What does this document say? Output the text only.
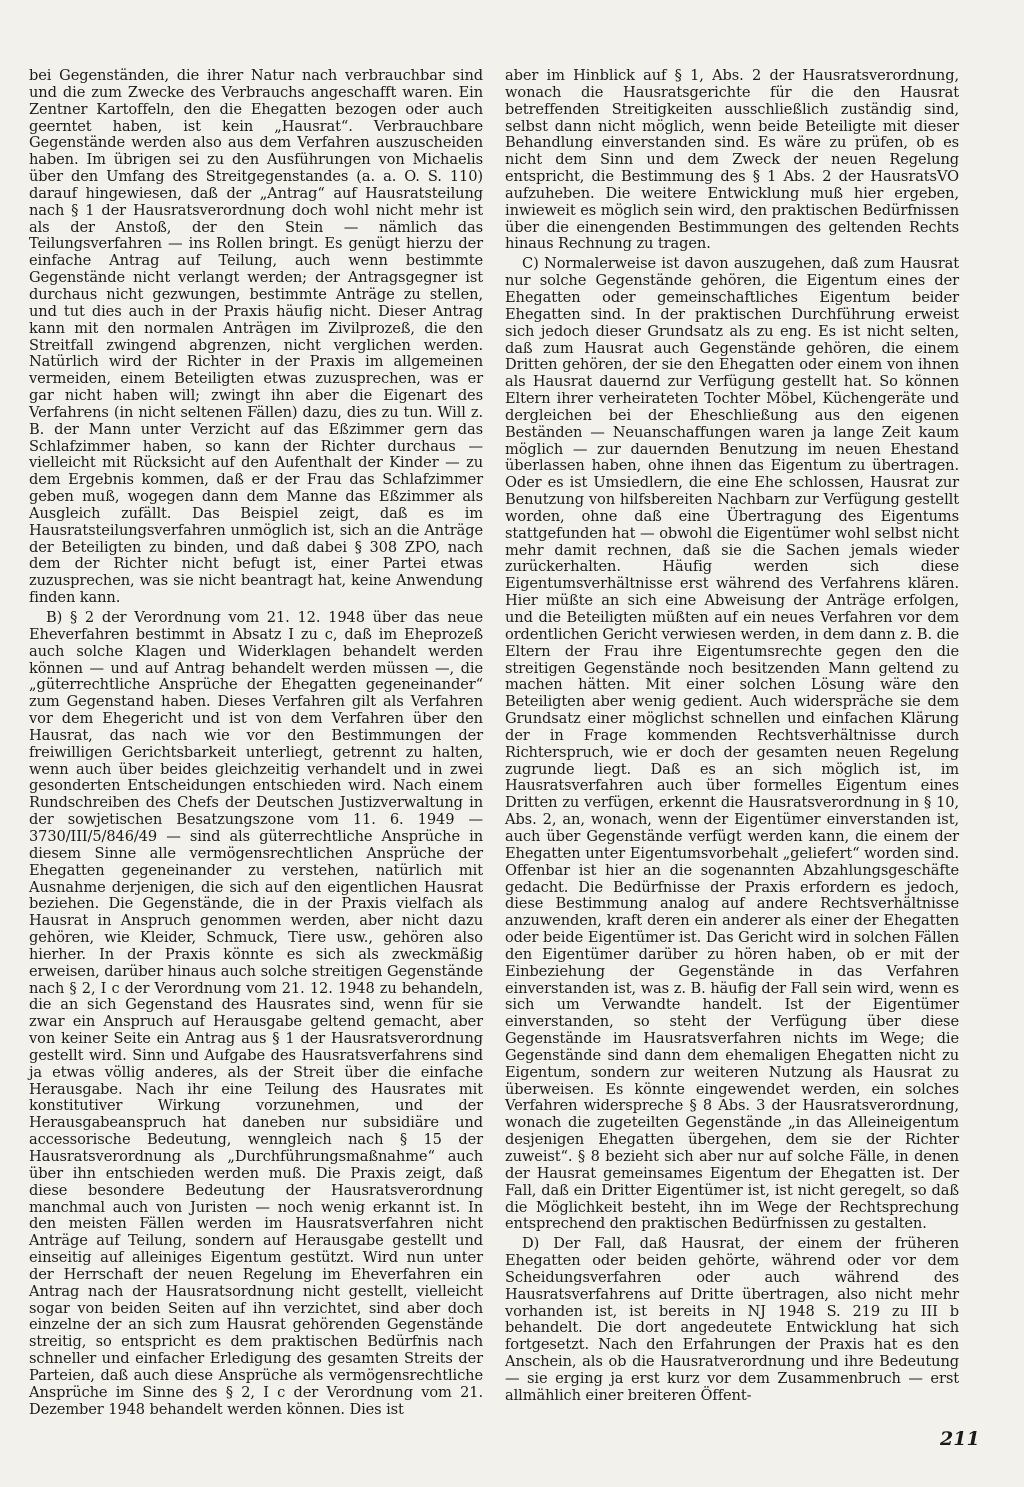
bei Gegenständen, die ihrer Natur nach verbrauchbar sind und die zum Zwecke des Verbrauchs angeschafft waren. Ein Zentner Kartoffeln, den die Ehegatten bezogen oder auch geerntet haben, ist kein „Hausrat“. Verbrauchbare Gegenstände werden also aus dem Verfahren auszuscheiden haben. Im übrigen sei zu den Ausführungen von Michaelis über den Umfang des Streitgegenstandes (a. a. O. S. 110) darauf hingewiesen, daß der „Antrag“ auf Hausratsteilung nach § 1 der Hausratsverordnung doch wohl nicht mehr ist als der Anstoß, der den Stein — nämlich das Teilungsverfahren — ins Rollen bringt. Es genügt hierzu der einfache Antrag auf Teilung, auch wenn bestimmte Gegenstände nicht verlangt werden; der Antragsgegner ist durchaus nicht gezwungen, bestimmte Anträge zu stellen, und tut dies auch in der Praxis häufig nicht. Dieser Antrag kann mit den normalen Anträgen im Zivilprozeß, die den Streitfall zwingend abgrenzen, nicht verglichen werden. Natürlich wird der Richter in der Praxis im allgemeinen vermeiden, einem Beteiligten etwas zuzusprechen, was er gar nicht haben will; zwingt ihn aber die Eigenart des Verfahrens (in nicht seltenen Fällen) dazu, dies zu tun. Will z. B. der Mann unter Verzicht auf das Eßzimmer gern das Schlafzimmer haben, so kann der Richter durchaus — vielleicht mit Rücksicht auf den Aufenthalt der Kinder — zu dem Ergebnis kommen, daß er der Frau das Schlafzimmer geben muß, wogegen dann dem Manne das Eßzimmer als Ausgleich zufällt. Das Beispiel zeigt, daß es im Hausratsteilungsverfahren unmöglich ist, sich an die Anträge der Beteiligten zu binden, und daß dabei § 308 ZPO, nach dem der Richter nicht befugt ist, einer Partei etwas zuzusprechen, was sie nicht beantragt hat, keine Anwendung finden kann.

B) § 2 der Verordnung vom 21. 12. 1948 über das neue Eheverfahren bestimmt in Absatz I zu c, daß im Eheprozeß auch solche Klagen und Widerklagen behandelt werden können — und auf Antrag behandelt werden müssen —, die „güterrechtliche Ansprüche der Ehegatten gegeneinander“ zum Gegenstand haben. Dieses Verfahren gilt als Verfahren vor dem Ehegericht und ist von dem Verfahren über den Hausrat, das nach wie vor den Bestimmungen der freiwilligen Gerichtsbarkeit unterliegt, getrennt zu halten, wenn auch über beides gleichzeitig verhandelt und in zwei gesonderten Entscheidungen entschieden wird. Nach einem Rundschreiben des Chefs der Deutschen Justizverwaltung in der sowjetischen Besatzungszone vom 11. 6. 1949 — 3730/III/5/846/49 — sind als güterrechtliche Ansprüche in diesem Sinne alle vermögensrechtlichen Ansprüche der Ehegatten gegeneinander zu verstehen, natürlich mit Ausnahme derjenigen, die sich auf den eigentlichen Hausrat beziehen. Die Gegenstände, die in der Praxis vielfach als Hausrat in Anspruch genommen werden, aber nicht dazu gehören, wie Kleider, Schmuck, Tiere usw., gehören also hierher. In der Praxis könnte es sich als zweckmäßig erweisen, darüber hinaus auch solche streitigen Gegenstände nach § 2, I c der Verordnung vom 21. 12. 1948 zu behandeln, die an sich Gegenstand des Hausrates sind, wenn für sie zwar ein Anspruch auf Herausgabe geltend gemacht, aber von keiner Seite ein Antrag aus § 1 der Hausratsverordnung gestellt wird. Sinn und Aufgabe des Hausratsverfahrens sind ja etwas völlig anderes, als der Streit über die einfache Herausgabe. Nach ihr eine Teilung des Hausrates mit konstitutiver Wirkung vorzunehmen, und der Herausgabeanspruch hat daneben nur subsidiäre und accessorische Bedeutung, wenngleich nach § 15 der Hausratsverordnung als „Durchführungsmaßnahme“ auch über ihn entschieden werden muß. Die Praxis zeigt, daß diese besondere Bedeutung der Hausratsverordnung manchmal auch von Juristen — noch wenig erkannt ist. In den meisten Fällen werden im Hausratsverfahren nicht Anträge auf Teilung, sondern auf Herausgabe gestellt und einseitig auf alleiniges Eigentum gestützt. Wird nun unter der Herrschaft der neuen Regelung im Eheverfahren ein Antrag nach der Hausratsordnung nicht gestellt, vielleicht sogar von beiden Seiten auf ihn verzichtet, sind aber doch einzelne der an sich zum Hausrat gehörenden Gegenstände streitig, so entspricht es dem praktischen Bedürfnis nach schneller und einfacher Erledigung des gesamten Streits der Parteien, daß auch diese Ansprüche als vermögensrechtliche Ansprüche im Sinne des § 2, I c der Verordnung vom 21. Dezember 1948 behandelt werden können. Dies ist

aber im Hinblick auf § 1, Abs. 2 der Hausratsverordnung, wonach die Hausratsgerichte für die den Hausrat betreffenden Streitigkeiten ausschließlich zuständig sind, selbst dann nicht möglich, wenn beide Beteiligte mit dieser Behandlung einverstanden sind. Es wäre zu prüfen, ob es nicht dem Sinn und dem Zweck der neuen Regelung entspricht, die Bestimmung des § 1 Abs. 2 der HausratsVO aufzuheben. Die weitere Entwicklung muß hier ergeben, inwieweit es möglich sein wird, den praktischen Bedürfnissen über die einengenden Bestimmungen des geltenden Rechts hinaus Rechnung zu tragen.

C) Normalerweise ist davon auszugehen, daß zum Hausrat nur solche Gegenstände gehören, die Eigentum eines der Ehegatten oder gemeinschaftliches Eigentum beider Ehegatten sind. In der praktischen Durchführung erweist sich jedoch dieser Grundsatz als zu eng. Es ist nicht selten, daß zum Hausrat auch Gegenstände gehören, die einem Dritten gehören, der sie den Ehegatten oder einem von ihnen als Hausrat dauernd zur Verfügung gestellt hat. So können Eltern ihrer verheirateten Tochter Möbel, Küchengeräte und dergleichen bei der Eheschließung aus den eigenen Beständen — Neuanschaffungen waren ja lange Zeit kaum möglich — zur dauernden Benutzung im neuen Ehestand überlassen haben, ohne ihnen das Eigentum zu übertragen. Oder es ist Umsiedlern, die eine Ehe schlossen, Hausrat zur Benutzung von hilfsbereiten Nachbarn zur Verfügung gestellt worden, ohne daß eine Übertragung des Eigentums stattgefunden hat — obwohl die Eigentümer wohl selbst nicht mehr damit rechnen, daß sie die Sachen jemals wieder zurückerhalten. Häufig werden sich diese Eigentumsverhältnisse erst während des Verfahrens klären. Hier müßte an sich eine Abweisung der Anträge erfolgen, und die Beteiligten müßten auf ein neues Verfahren vor dem ordentlichen Gericht verwiesen werden, in dem dann z. B. die Eltern der Frau ihre Eigentumsrechte gegen den die streitigen Gegenstände noch besitzenden Mann geltend zu machen hätten. Mit einer solchen Lösung wäre den Beteiligten aber wenig gedient. Auch widerspräche sie dem Grundsatz einer möglichst schnellen und einfachen Klärung der in Frage kommenden Rechtsverhältnisse durch Richterspruch, wie er doch der gesamten neuen Regelung zugrunde liegt. Daß es an sich möglich ist, im Hausratsverfahren auch über formelles Eigentum eines Dritten zu verfügen, erkennt die Hausratsverordnung in § 10, Abs. 2, an, wonach, wenn der Eigentümer einverstanden ist, auch über Gegenstände verfügt werden kann, die einem der Ehegatten unter Eigentumsvorbehalt „geliefert“ worden sind. Offenbar ist hier an die sogenannten Abzahlungsgeschäfte gedacht. Die Bedürfnisse der Praxis erfordern es jedoch, diese Bestimmung analog auf andere Rechtsverhältnisse anzuwenden, kraft deren ein anderer als einer der Ehegatten oder beide Eigentümer ist. Das Gericht wird in solchen Fällen den Eigentümer darüber zu hören haben, ob er mit der Einbeziehung der Gegenstände in das Verfahren einverstanden ist, was z. B. häufig der Fall sein wird, wenn es sich um Verwandte handelt. Ist der Eigentümer einverstanden, so steht der Verfügung über diese Gegenstände im Hausratsverfahren nichts im Wege; die Gegenstände sind dann dem ehemaligen Ehegatten nicht zu Eigentum, sondern zur weiteren Nutzung als Hausrat zu überweisen. Es könnte eingewendet werden, ein solches Verfahren widerspreche § 8 Abs. 3 der Hausratsverordnung, wonach die zugeteilten Gegenstände „in das Alleineigentum desjenigen Ehegatten übergehen, dem sie der Richter zuweist“. § 8 bezieht sich aber nur auf solche Fälle, in denen der Hausrat gemeinsames Eigentum der Ehegatten ist. Der Fall, daß ein Dritter Eigentümer ist, ist nicht geregelt, so daß die Möglichkeit besteht, ihn im Wege der Rechtsprechung entsprechend den praktischen Bedürfnissen zu gestalten.

D) Der Fall, daß Hausrat, der einem der früheren Ehegatten oder beiden gehörte, während oder vor dem Scheidungsverfahren oder auch während des Hausratsverfahrens auf Dritte übertragen, also nicht mehr vorhanden ist, ist bereits in NJ 1948 S. 219 zu III b behandelt. Die dort angedeutete Entwicklung hat sich fortgesetzt. Nach den Erfahrungen der Praxis hat es den Anschein, als ob die Hausratverordnung und ihre Bedeutung — sie erging ja erst kurz vor dem Zusammenbruch — erst allmählich einer breiteren Öffent-

211
